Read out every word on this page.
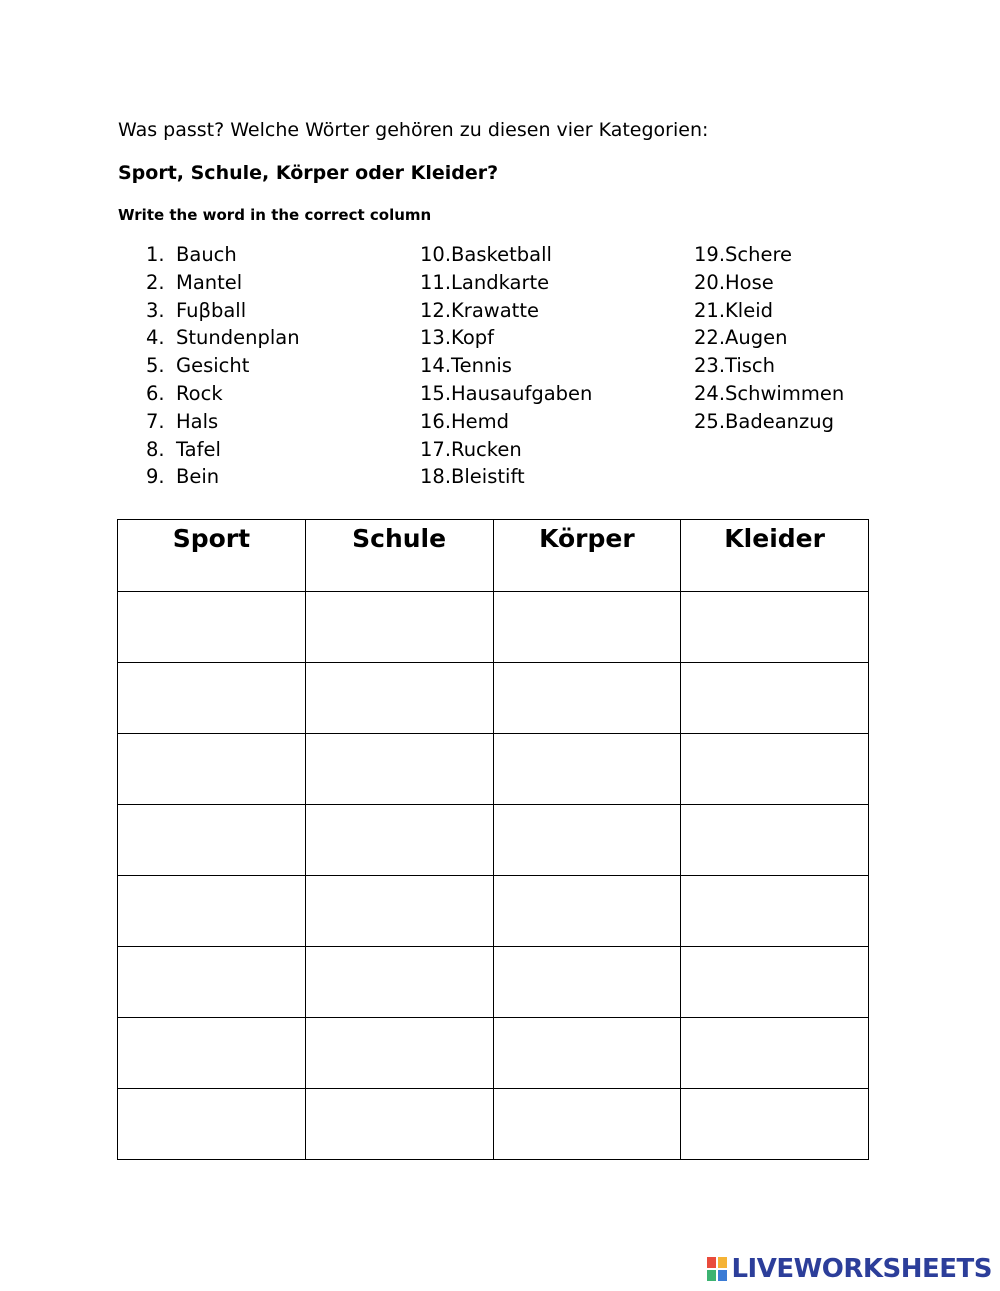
Was passt? Welche Wörter gehören zu diesen vier Kategorien:
Sport, Schule, Körper oder Kleider?
Write the word in the correct column
1. Bauch
2. Mantel
3. Fuβball
4. Stundenplan
5. Gesicht
6. Rock
7. Hals
8. Tafel
9. Bein
10.Basketball
11.Landkarte
12.Krawatte
13.Kopf
14.Tennis
15.Hausaufgaben
16.Hemd
17.Rucken
18.Bleistift
19.Schere
20.Hose
21.Kleid
22.Augen
23.Tisch
24.Schwimmen
25.Badeanzug
Sport	Schule	Körper	Kleider

LIVEWORKSHEETS
